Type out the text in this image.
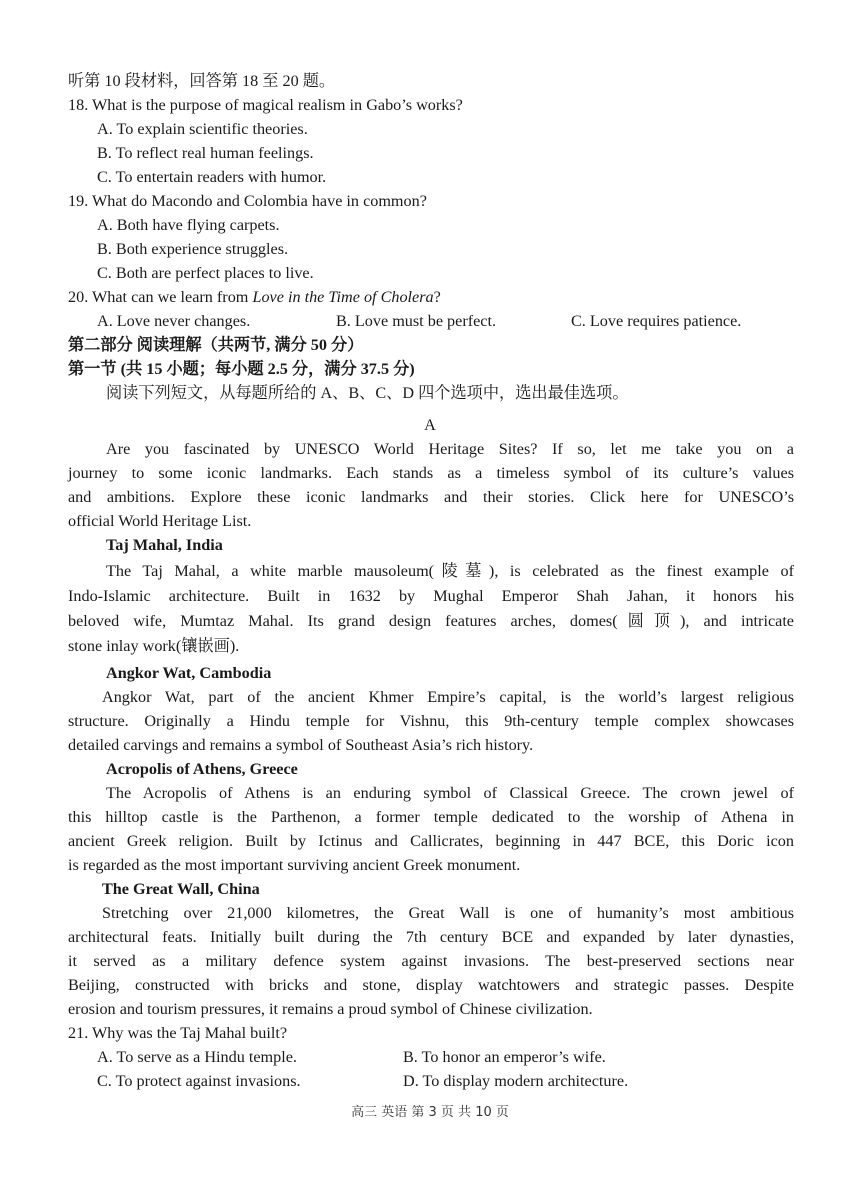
听第 10 段材料，回答第 18 至 20 题。
18. What is the purpose of magical realism in Gabo’s works?
A. To explain scientific theories.
B. To reflect real human feelings.
C. To entertain readers with humor.
19. What do Macondo and Colombia have in common?
A. Both have flying carpets.
B. Both experience struggles.
C. Both are perfect places to live.
20. What can we learn from Love in the Time of Cholera?
A. Love never changes.	B. Love must be perfect.	C. Love requires patience.
第二部分 阅读理解（共两节, 满分 50 分）
第一节 (共 15 小题；每小题 2.5 分，满分 37.5 分)
阅读下列短文，从每题所给的 A、B、C、D 四个选项中，选出最佳选项。
A
Are you fascinated by UNESCO World Heritage Sites? If so, let me take you on a
journey to some iconic landmarks. Each stands as a timeless symbol of its culture’s values
and ambitions. Explore these iconic landmarks and their stories. Click here for UNESCO’s
official World Heritage List.
Taj Mahal, India
The Taj Mahal, a white marble mausoleum(陵墓), is celebrated as the finest example of
Indo-Islamic architecture. Built in 1632 by Mughal Emperor Shah Jahan, it honors his
beloved wife, Mumtaz Mahal. Its grand design features arches, domes(圆顶), and intricate
stone inlay work(镶嵌画).
Angkor Wat, Cambodia
Angkor Wat, part of the ancient Khmer Empire’s capital, is the world’s largest religious
structure. Originally a Hindu temple for Vishnu, this 9th-century temple complex showcases
detailed carvings and remains a symbol of Southeast Asia’s rich history.
Acropolis of Athens, Greece
The Acropolis of Athens is an enduring symbol of Classical Greece. The crown jewel of
this hilltop castle is the Parthenon, a former temple dedicated to the worship of Athena in
ancient Greek religion. Built by Ictinus and Callicrates, beginning in 447 BCE, this Doric icon
is regarded as the most important surviving ancient Greek monument.
The Great Wall, China
Stretching over 21,000 kilometres, the Great Wall is one of humanity’s most ambitious
architectural feats. Initially built during the 7th century BCE and expanded by later dynasties,
it served as a military defence system against invasions. The best-preserved sections near
Beijing, constructed with bricks and stone, display watchtowers and strategic passes. Despite
erosion and tourism pressures, it remains a proud symbol of Chinese civilization.
21. Why was the Taj Mahal built?
A. To serve as a Hindu temple.	B. To honor an emperor’s wife.
C. To protect against invasions.	D. To display modern architecture.
高三 英语 第 3 页 共 10 页
